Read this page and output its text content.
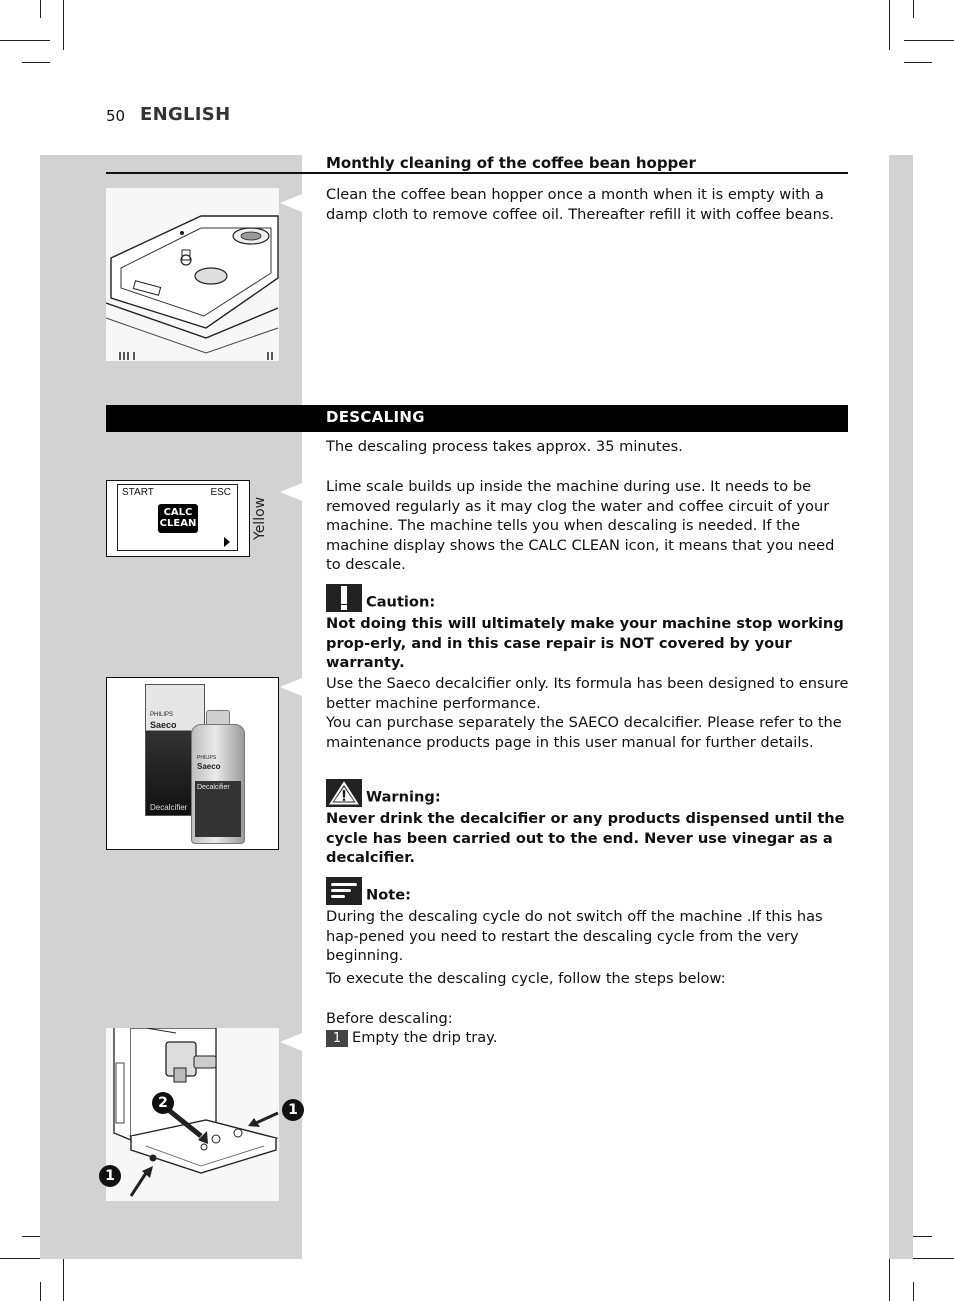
50 ENGLISH
Monthly cleaning of the coffee bean hopper
Clean the coffee bean hopper once a month when it is empty with a damp cloth to remove coffee oil. Thereafter refill it with coffee beans.
DESCALING
The descaling process takes approx. 35 minutes.
Lime scale builds up inside the machine during use. It needs to be removed regularly as it may clog the water and coffee circuit of your machine. The machine tells you when descaling is needed. If the machine display shows the CALC CLEAN icon, it means that you need to descale.
START	ESC
CALC
CLEAN	Yellow
Caution:
Not doing this will ultimately make your machine stop working prop-erly, and in this case repair is NOT covered by your warranty.
Use the Saeco decalcifier only. Its formula has been designed to ensure better machine performance.
You can purchase separately the SAECO decalcifier. Please refer to the maintenance products page in this user manual for further details.
PHILIPS
Saeco
Decalcifier
PHILIPS
Saeco
Decalcifier
Warning:
Never drink the decalcifier or any products dispensed until the cycle has been carried out to the end. Never use vinegar as a decalcifier.
Note:
During the descaling cycle do not switch off the machine .If this has hap-pened you need to restart the descaling cycle from the very beginning.
To execute the descaling cycle, follow the steps below:
Before descaling:
1 Empty the drip tray.
2	1
1
